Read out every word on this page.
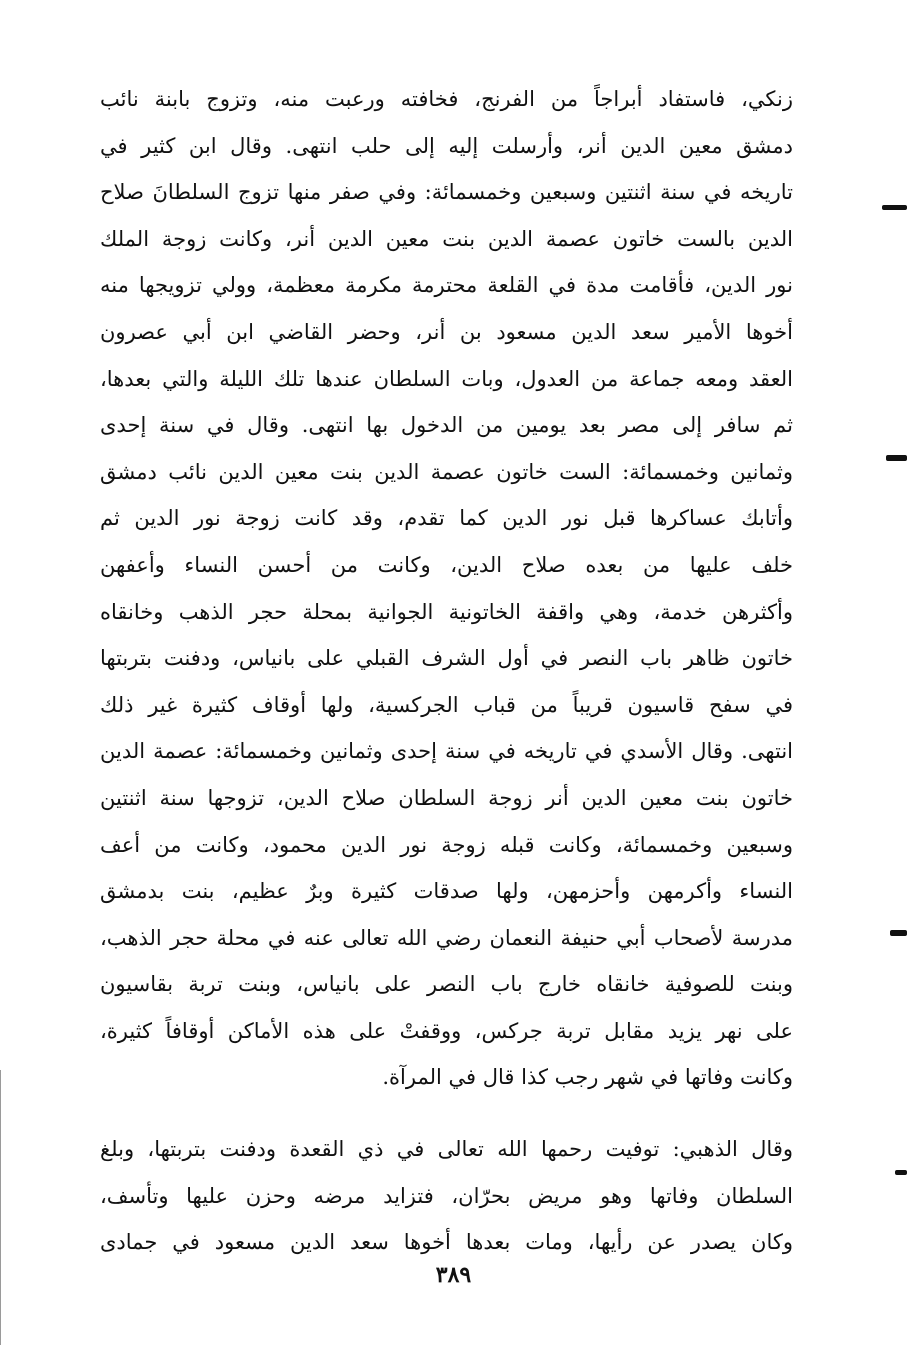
زنكي، فاستفاد أبراجاً من الفرنج، فخافته ورعبت منه، وتزوج بابنة نائب
دمشق معين الدين أنر، وأرسلت إليه إلى حلب انتهى. وقال ابن كثير في
تاريخه في سنة اثنتين وسبعين وخمسمائة: وفي صفر منها تزوج السلطانَ صلاح
الدين بالست خاتون عصمة الدين بنت معين الدين أنر، وكانت زوجة الملك
نور الدين، فأقامت مدة في القلعة محترمة مكرمة معظمة، وولي تزويجها منه
أخوها الأمير سعد الدين مسعود بن أنر، وحضر القاضي ابن أبي عصرون
العقد ومعه جماعة من العدول، وبات السلطان عندها تلك الليلة والتي بعدها،
ثم سافر إلى مصر بعد يومين من الدخول بها انتهى. وقال في سنة إحدى
وثمانين وخمسمائة: الست خاتون عصمة الدين بنت معين الدين نائب دمشق
وأتابك عساكرها قبل نور الدين كما تقدم، وقد كانت زوجة نور الدين ثم
خلف عليها من بعده صلاح الدين، وكانت من أحسن النساء وأعفهن
وأكثرهن خدمة، وهي واقفة الخاتونية الجوانية بمحلة حجر الذهب وخانقاه
خاتون ظاهر باب النصر في أول الشرف القبلي على بانياس، ودفنت بتربتها
في سفح قاسيون قريباً من قباب الجركسية، ولها أوقاف كثيرة غير ذلك
انتهى. وقال الأسدي في تاريخه في سنة إحدى وثمانين وخمسمائة: عصمة الدين
خاتون بنت معين الدين أنر زوجة السلطان صلاح الدين، تزوجها سنة اثنتين
وسبعين وخمسمائة، وكانت قبله زوجة نور الدين محمود، وكانت من أعف
النساء وأكرمهن وأحزمهن، ولها صدقات كثيرة وبرٌ عظيم، بنت بدمشق
مدرسة لأصحاب أبي حنيفة النعمان رضي الله تعالى عنه في محلة حجر الذهب،
وبنت للصوفية خانقاه خارج باب النصر على بانياس، وبنت تربة بقاسيون
على نهر يزيد مقابل تربة جركس، ووقفتْ على هذه الأماكن أوقافاً كثيرة،
وكانت وفاتها في شهر رجب كذا قال في المرآة.
وقال الذهبي: توفيت رحمها الله تعالى في ذي القعدة ودفنت بتربتها، وبلغ
السلطان وفاتها وهو مريض بحرّان، فتزايد مرضه وحزن عليها وتأسف،
وكان يصدر عن رأيها، ومات بعدها أخوها سعد الدين مسعود في جمادى
٣٨٩
